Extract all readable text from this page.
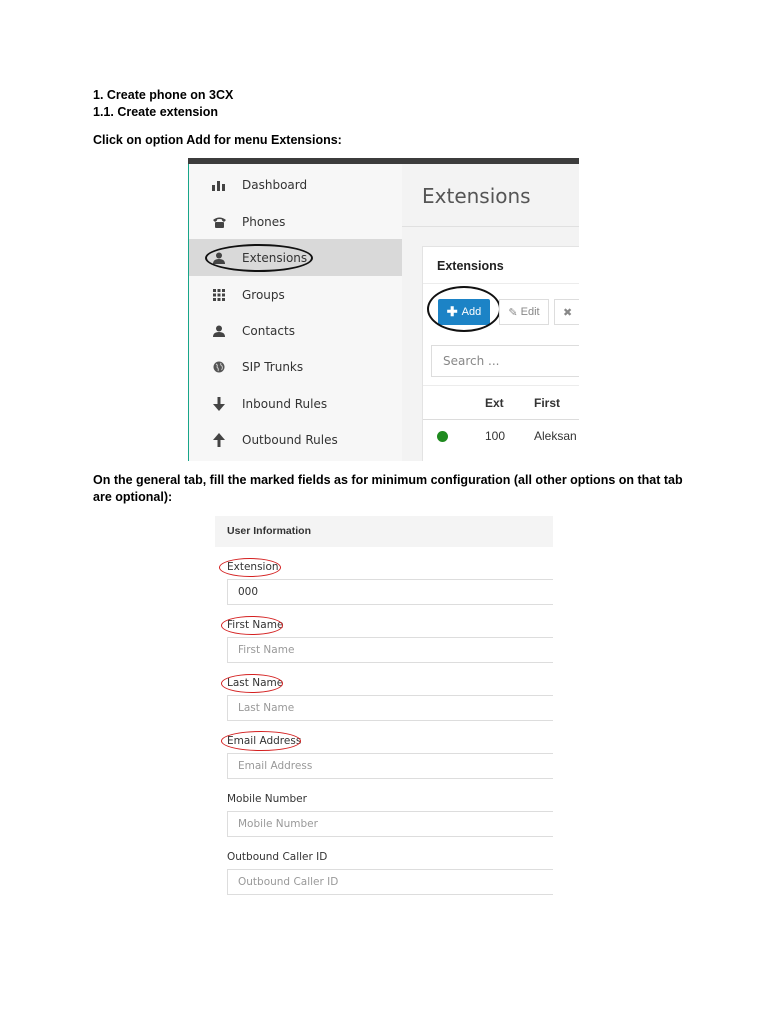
1. Create phone on 3CX
1.1. Create extension
Click on option Add for menu Extensions:
Dashboard
Phones
Extensions
Groups
Contacts
SIP Trunks
Inbound Rules
Outbound Rules
Extensions
Extensions
✚ Add ✎ Edit ✖
Search ...
Ext	First
100 Aleksan
On the general tab, fill the marked fields as for minimum configuration (all other options on that tab
are optional):
User Information
Extension
000
First Name
First Name
Last Name
Last Name
Email Address
Email Address
Mobile Number
Mobile Number
Outbound Caller ID
Outbound Caller ID
